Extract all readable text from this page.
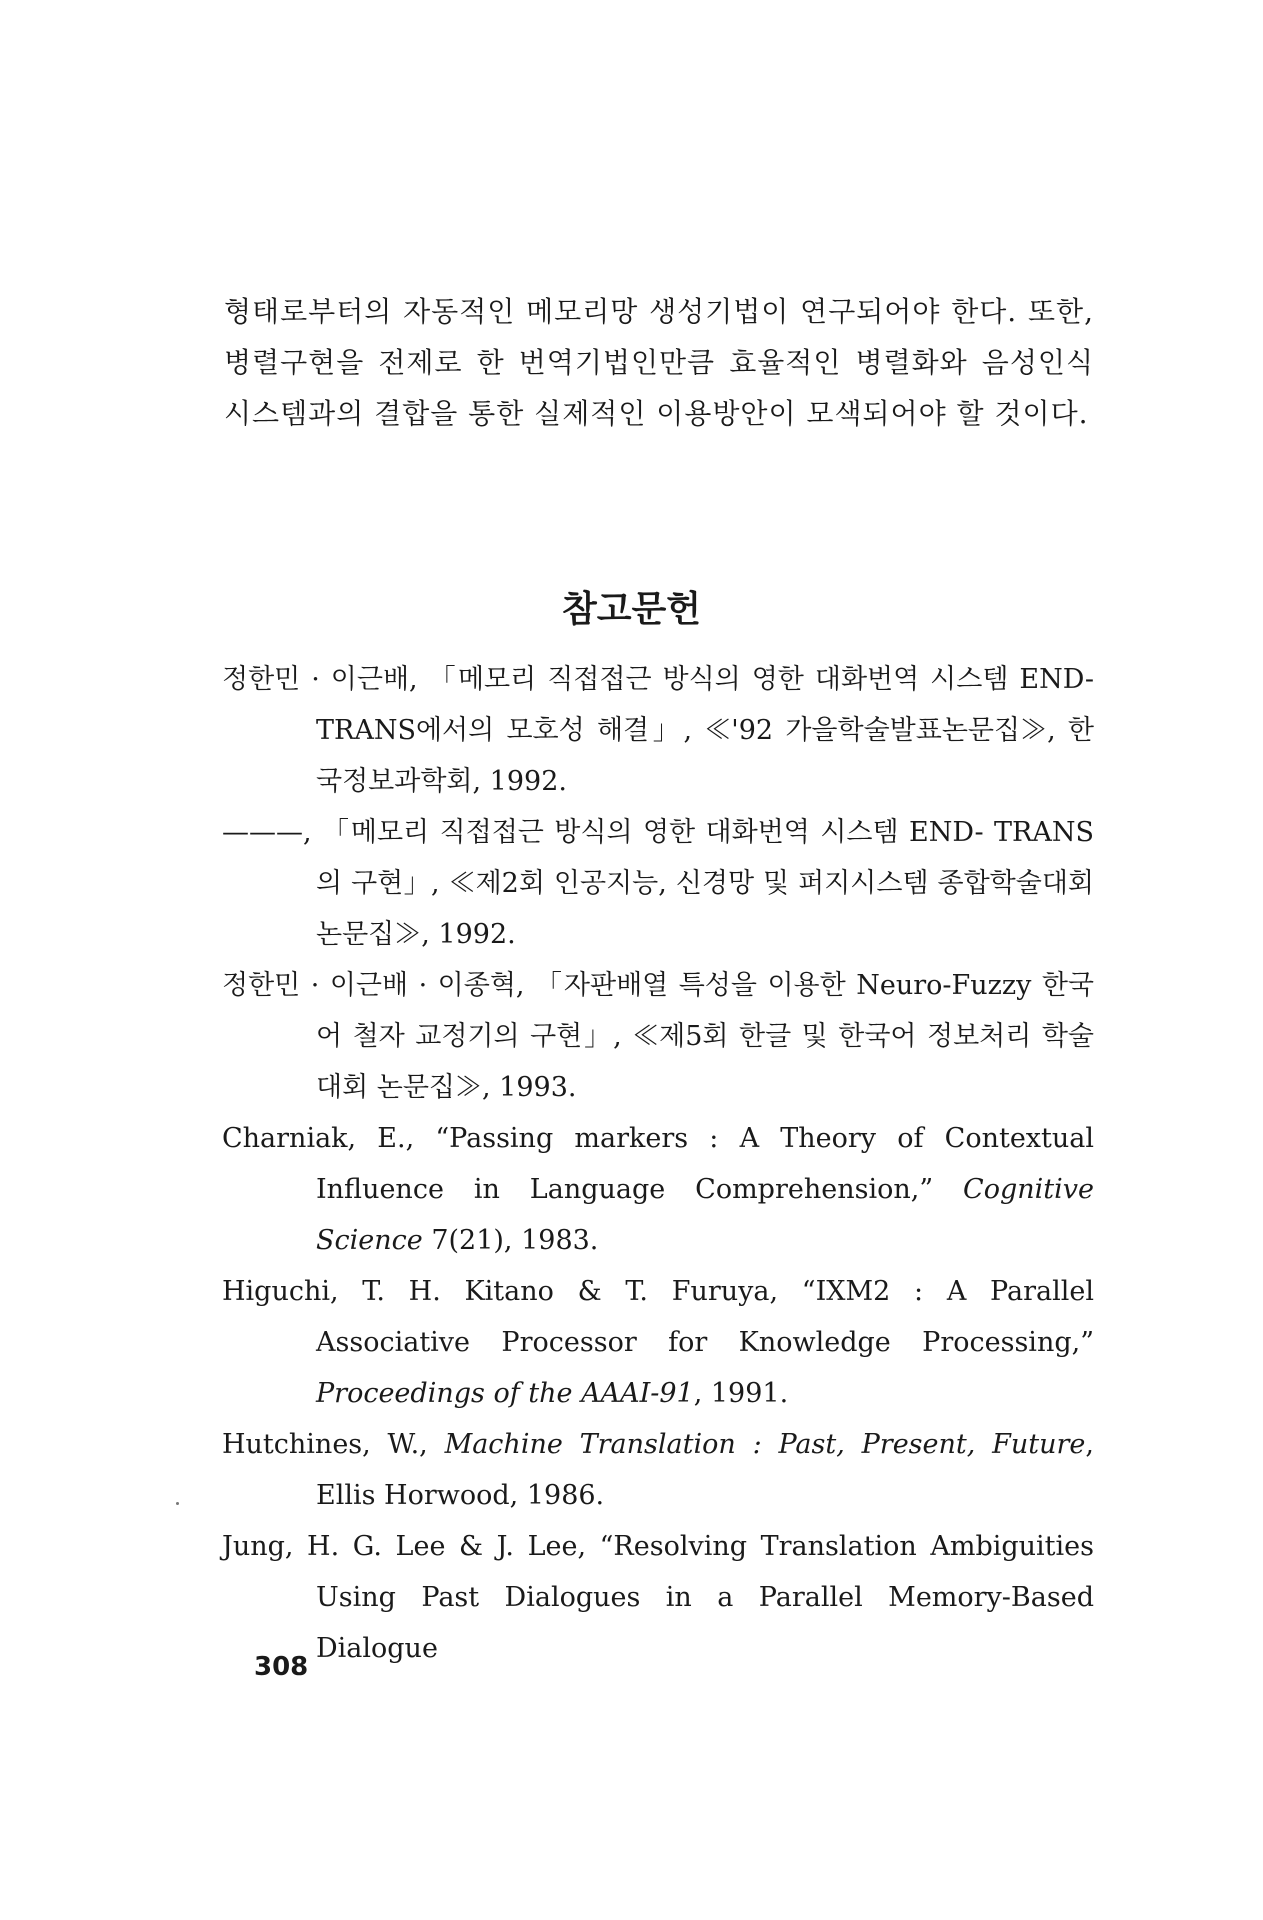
형태로부터의 자동적인 메모리망 생성기법이 연구되어야 한다. 또한, 병렬구현을 전제로 한 번역기법인만큼 효율적인 병렬화와 음성인식 시스템과의 결합을 통한 실제적인 이용방안이 모색되어야 할 것이다.

참고문헌
정한민 · 이근배, 「메모리 직접접근 방식의 영한 대화번역 시스템 END-TRANS에서의 모호성 해결」, ≪'92 가을학술발표논문집≫, 한국정보과학회, 1992.
———, 「메모리 직접접근 방식의 영한 대화번역 시스템 END- TRANS의 구현」, ≪제2회 인공지능, 신경망 및 퍼지시스템 종합학술대회논문집≫, 1992.
정한민 · 이근배 · 이종혁, 「자판배열 특성을 이용한 Neuro-Fuzzy 한국어 철자 교정기의 구현」, ≪제5회 한글 및 한국어 정보처리 학술대회 논문집≫, 1993.
Charniak, E., “Passing markers : A Theory of Contextual Influence in Language Comprehension,” Cognitive Science 7(21), 1983.
Higuchi, T. H. Kitano & T. Furuya, “IXM2 : A Parallel Associative Processor for Knowledge Processing,” Proceedings of the AAAI-91, 1991.
Hutchines, W., Machine Translation : Past, Present, Future, Ellis Horwood, 1986.
Jung, H. G. Lee & J. Lee, “Resolving Translation Ambiguities Using Past Dialogues in a Parallel Memory-Based Dialogue
308
